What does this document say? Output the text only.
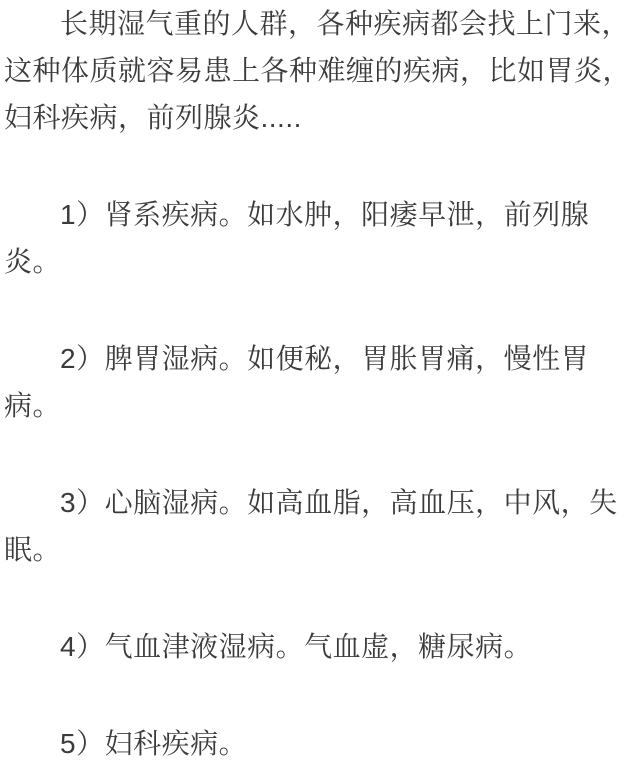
长期湿气重的人群，各种疾病都会找上门来，这种体质就容易患上各种难缠的疾病，比如胃炎，妇科疾病，前列腺炎.....

1）肾系疾病。如水肿，阳痿早泄，前列腺炎。

2）脾胃湿病。如便秘，胃胀胃痛，慢性胃病。

3）心脑湿病。如高血脂，高血压，中风，失眠。

4）气血津液湿病。气血虚，糖尿病。

5）妇科疾病。
